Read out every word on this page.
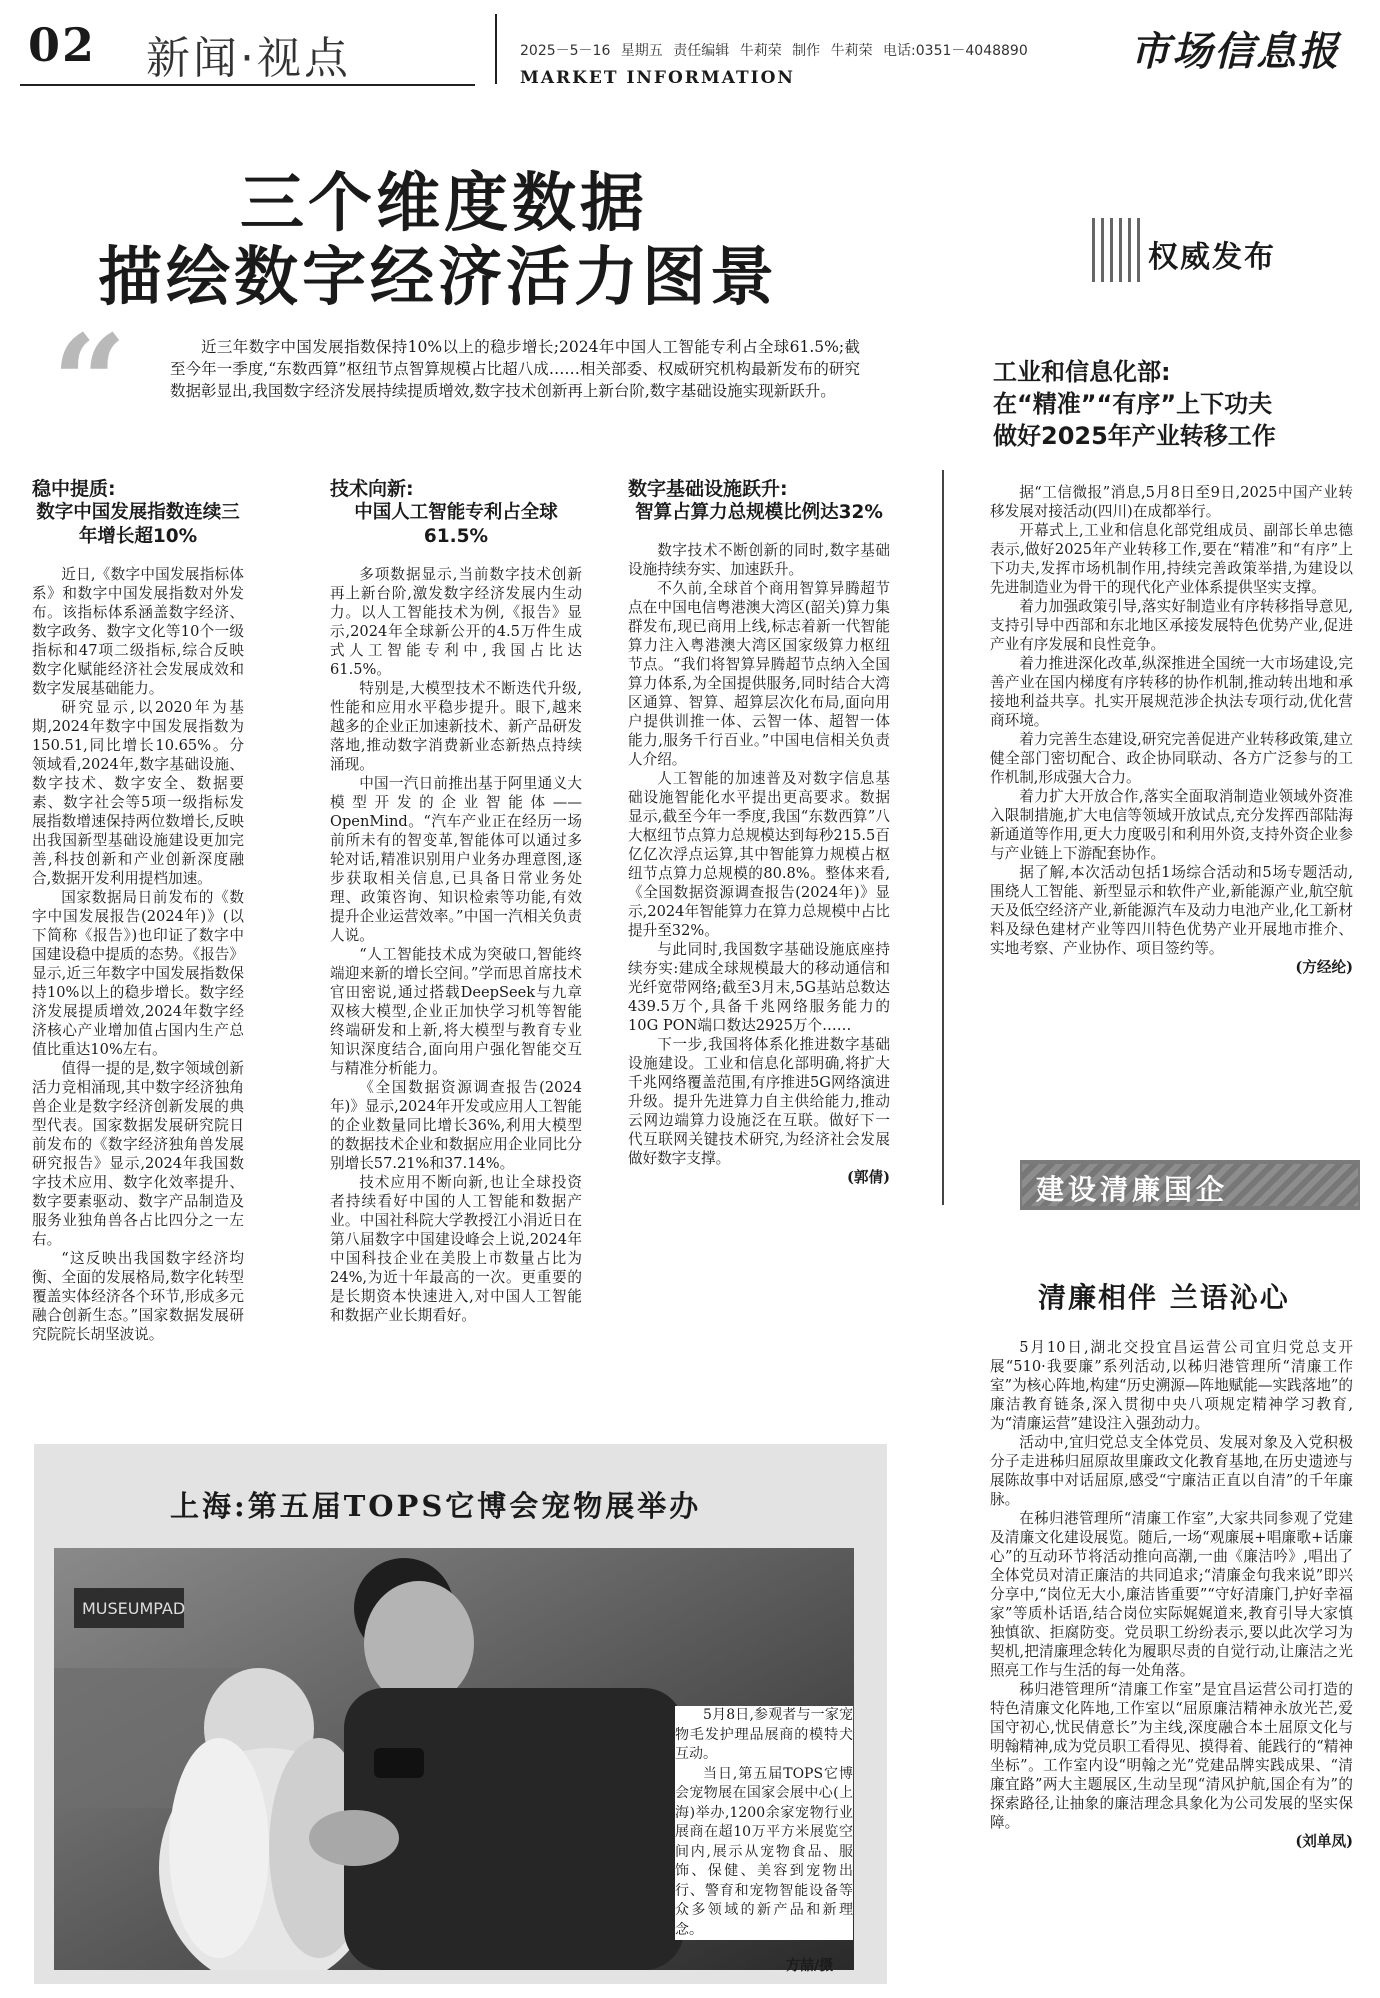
02 新闻·视点	2025－5－16 星期五 责任编辑 牛莉荣 制作 牛莉荣 电话:0351－4048890
MARKET INFORMATION
市场信息报
三个维度数据
描绘数字经济活力图景
“	近三年数字中国发展指数保持10%以上的稳步增长;2024年中国人工智能专利占全球61.5%;截至今年一季度,“东数西算”枢纽节点智算规模占比超八成……相关部委、权威研究机构最新发布的研究数据彰显出,我国数字经济发展持续提质增效,数字技术创新再上新台阶,数字基础设施实现新跃升。
稳中提质:
数字中国发展指数连续三年增长超10%

近日,《数字中国发展指标体系》和数字中国发展指数对外发布。该指标体系涵盖数字经济、数字政务、数字文化等10个一级指标和47项二级指标,综合反映数字化赋能经济社会发展成效和数字发展基础能力。

研究显示,以2020年为基期,2024年数字中国发展指数为150.51,同比增长10.65%。分领域看,2024年,数字基础设施、数字技术、数字安全、数据要素、数字社会等5项一级指标发展指数增速保持两位数增长,反映出我国新型基础设施建设更加完善,科技创新和产业创新深度融合,数据开发利用提档加速。

国家数据局日前发布的《数字中国发展报告(2024年)》(以下简称《报告》)也印证了数字中国建设稳中提质的态势。《报告》显示,近三年数字中国发展指数保持10%以上的稳步增长。数字经济发展提质增效,2024年数字经济核心产业增加值占国内生产总值比重达10%左右。

值得一提的是,数字领域创新活力竞相涌现,其中数字经济独角兽企业是数字经济创新发展的典型代表。国家数据发展研究院日前发布的《数字经济独角兽发展研究报告》显示,2024年我国数字技术应用、数字化效率提升、数字要素驱动、数字产品制造及服务业独角兽各占比四分之一左右。

“这反映出我国数字经济均衡、全面的发展格局,数字化转型覆盖实体经济各个环节,形成多元融合创新生态。”国家数据发展研究院院长胡坚波说。

技术向新:
中国人工智能专利占全球61.5%

多项数据显示,当前数字技术创新再上新台阶,激发数字经济发展内生动力。以人工智能技术为例,《报告》显示,2024年全球新公开的4.5万件生成式人工智能专利中,我国占比达61.5%。

特别是,大模型技术不断迭代升级,性能和应用水平稳步提升。眼下,越来越多的企业正加速新技术、新产品研发落地,推动数字消费新业态新热点持续涌现。

中国一汽日前推出基于阿里通义大模型开发的企业智能体——OpenMind。“汽车产业正在经历一场前所未有的智变革,智能体可以通过多轮对话,精准识别用户业务办理意图,逐步获取相关信息,已具备日常业务处理、政策咨询、知识检索等功能,有效提升企业运营效率。”中国一汽相关负责人说。

“人工智能技术成为突破口,智能终端迎来新的增长空间。”学而思首席技术官田密说,通过搭载DeepSeek与九章双核大模型,企业正加快学习机等智能终端研发和上新,将大模型与教育专业知识深度结合,面向用户强化智能交互与精准分析能力。

《全国数据资源调查报告(2024年)》显示,2024年开发或应用人工智能的企业数量同比增长36%,利用大模型的数据技术企业和数据应用企业同比分别增长57.21%和37.14%。

技术应用不断向新,也让全球投资者持续看好中国的人工智能和数据产业。中国社科院大学教授江小涓近日在第八届数字中国建设峰会上说,2024年中国科技企业在美股上市数量占比为24%,为近十年最高的一次。更重要的是长期资本快速进入,对中国人工智能和数据产业长期看好。

数字基础设施跃升:
智算占算力总规模比例达32%

数字技术不断创新的同时,数字基础设施持续夯实、加速跃升。

不久前,全球首个商用智算异腾超节点在中国电信粤港澳大湾区(韶关)算力集群发布,现已商用上线,标志着新一代智能算力注入粤港澳大湾区国家级算力枢纽节点。“我们将智算异腾超节点纳入全国算力体系,为全国提供服务,同时结合大湾区通算、智算、超算层次化布局,面向用户提供训推一体、云智一体、超智一体能力,服务千行百业。”中国电信相关负责人介绍。

人工智能的加速普及对数字信息基础设施智能化水平提出更高要求。数据显示,截至今年一季度,我国“东数西算”八大枢纽节点算力总规模达到每秒215.5百亿亿次浮点运算,其中智能算力规模占枢纽节点算力总规模的80.8%。整体来看,《全国数据资源调查报告(2024年)》显示,2024年智能算力在算力总规模中占比提升至32%。

与此同时,我国数字基础设施底座持续夯实:建成全球规模最大的移动通信和光纤宽带网络;截至3月末,5G基站总数达439.5万个,具备千兆网络服务能力的10G PON端口数达2925万个……

下一步,我国将体系化推进数字基础设施建设。工业和信息化部明确,将扩大千兆网络覆盖范围,有序推进5G网络演进升级。提升先进算力自主供给能力,推动云网边端算力设施泛在互联。做好下一代互联网关键技术研究,为经济社会发展做好数字支撑。

(郭倩)
权威发布
工业和信息化部:
在“精准”“有序”上下功夫
做好2025年产业转移工作

据“工信微报”消息,5月8日至9日,2025中国产业转移发展对接活动(四川)在成都举行。

开幕式上,工业和信息化部党组成员、副部长单忠德表示,做好2025年产业转移工作,要在“精准”和“有序”上下功夫,发挥市场机制作用,持续完善政策举措,为建设以先进制造业为骨干的现代化产业体系提供坚实支撑。

着力加强政策引导,落实好制造业有序转移指导意见,支持引导中西部和东北地区承接发展特色优势产业,促进产业有序发展和良性竞争。

着力推进深化改革,纵深推进全国统一大市场建设,完善产业在国内梯度有序转移的协作机制,推动转出地和承接地利益共享。扎实开展规范涉企执法专项行动,优化营商环境。

着力完善生态建设,研究完善促进产业转移政策,建立健全部门密切配合、政企协同联动、各方广泛参与的工作机制,形成强大合力。

着力扩大开放合作,落实全面取消制造业领域外资准入限制措施,扩大电信等领域开放试点,充分发挥西部陆海新通道等作用,更大力度吸引和利用外资,支持外资企业参与产业链上下游配套协作。

据了解,本次活动包括1场综合活动和5场专题活动,围绕人工智能、新型显示和软件产业,新能源产业,航空航天及低空经济产业,新能源汽车及动力电池产业,化工新材料及绿色建材产业等四川特色优势产业开展地市推介、实地考察、产业协作、项目签约等。

(方经纶)
建设清廉国企
清廉相伴 兰语沁心

5月10日,湖北交投宜昌运营公司宜归党总支开展“510·我要廉”系列活动,以秭归港管理所“清廉工作室”为核心阵地,构建“历史溯源—阵地赋能—实践落地”的廉洁教育链条,深入贯彻中央八项规定精神学习教育,为“清廉运营”建设注入强劲动力。

活动中,宜归党总支全体党员、发展对象及入党积极分子走进秭归屈原故里廉政文化教育基地,在历史遗迹与展陈故事中对话屈原,感受“宁廉洁正直以自清”的千年廉脉。

在秭归港管理所“清廉工作室”,大家共同参观了党建及清廉文化建设展览。随后,一场“观廉展+唱廉歌+话廉心”的互动环节将活动推向高潮,一曲《廉洁吟》,唱出了全体党员对清正廉洁的共同追求;“清廉金句我来说”即兴分享中,“岗位无大小,廉洁皆重要”“守好清廉门,护好幸福家”等质朴话语,结合岗位实际娓娓道来,教育引导大家慎独慎欲、拒腐防变。党员职工纷纷表示,要以此次学习为契机,把清廉理念转化为履职尽责的自觉行动,让廉洁之光照亮工作与生活的每一处角落。

秭归港管理所“清廉工作室”是宜昌运营公司打造的特色清廉文化阵地,工作室以“屈原廉洁精神永放光芒,爱国守初心,忧民倩意长”为主线,深度融合本土屈原文化与明翰精神,成为党员职工看得见、摸得着、能践行的“精神坐标”。工作室内设“明翰之光”党建品牌实践成果、“清廉宜路”两大主题展区,生动呈现“清风护航,国企有为”的探索路径,让抽象的廉洁理念具象化为公司发展的坚实保障。

(刘单凤)
上海:第五届TOPS它博会宠物展举办
MUSEUMPAD

5月8日,参观者与一家宠物毛发护理品展商的模特犬互动。

当日,第五届TOPS它博会宠物展在国家会展中心(上海)举办,1200余家宠物行业展商在超10万平方米展览空间内,展示从宠物食品、服饰、保健、美容到宠物出行、警育和宠物智能设备等众多领域的新产品和新理念。

方喆/摄
